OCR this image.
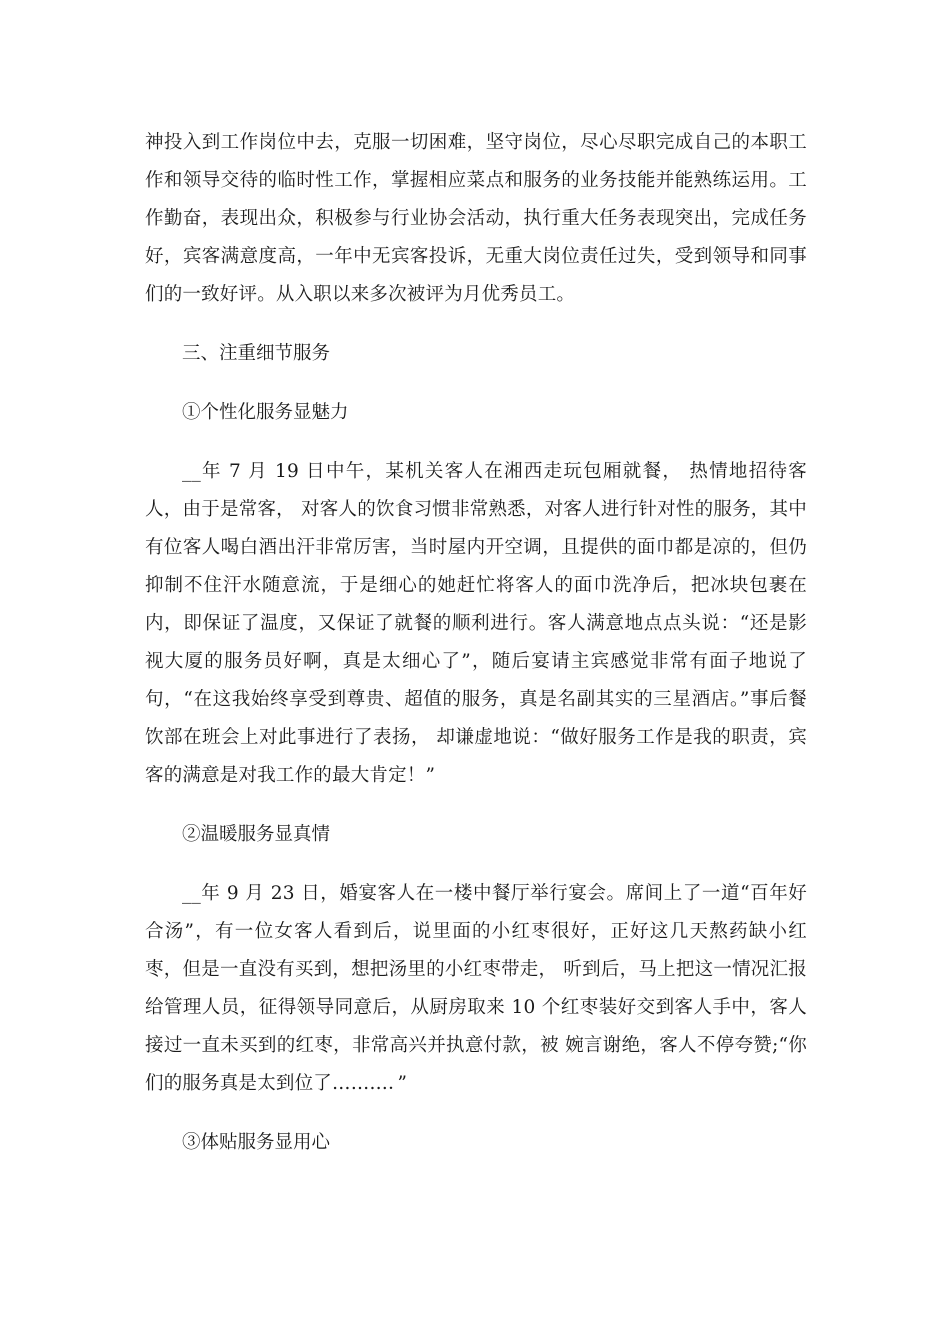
神投入到工作岗位中去，克服一切困难，坚守岗位，尽心尽职完成自己的本职工作和领导交待的临时性工作，掌握相应菜点和服务的业务技能并能熟练运用。工作勤奋，表现出众，积极参与行业协会活动，执行重大任务表现突出，完成任务好，宾客满意度高，一年中无宾客投诉，无重大岗位责任过失，受到领导和同事们的一致好评。从入职以来多次被评为月优秀员工。

三、注重细节服务

①个性化服务显魅力

__年 7 月 19 日中午，某机关客人在湘西走玩包厢就餐， 热情地招待客人，由于是常客， 对客人的饮食习惯非常熟悉，对客人进行针对性的服务，其中有位客人喝白酒出汗非常厉害，当时屋内开空调，且提供的面巾都是凉的，但仍抑制不住汗水随意流，于是细心的她赶忙将客人的面巾洗净后，把冰块包裹在内，即保证了温度，又保证了就餐的顺利进行。客人满意地点点头说：“还是影视大厦的服务员好啊，真是太细心了”，随后宴请主宾感觉非常有面子地说了句，“在这我始终享受到尊贵、超值的服务，真是名副其实的三星酒店。”事后餐饮部在班会上对此事进行了表扬， 却谦虚地说：“做好服务工作是我的职责，宾客的满意是对我工作的最大肯定！”

②温暖服务显真情

__年 9 月 23 日，婚宴客人在一楼中餐厅举行宴会。席间上了一道“百年好合汤”，有一位女客人看到后，说里面的小红枣很好，正好这几天熬药缺小红枣，但是一直没有买到，想把汤里的小红枣带走， 听到后，马上把这一情况汇报给管理人员，征得领导同意后，从厨房取来 10 个红枣装好交到客人手中，客人接过一直未买到的红枣，非常高兴并执意付款，被 婉言谢绝，客人不停夸赞;“你们的服务真是太到位了………．”

③体贴服务显用心
